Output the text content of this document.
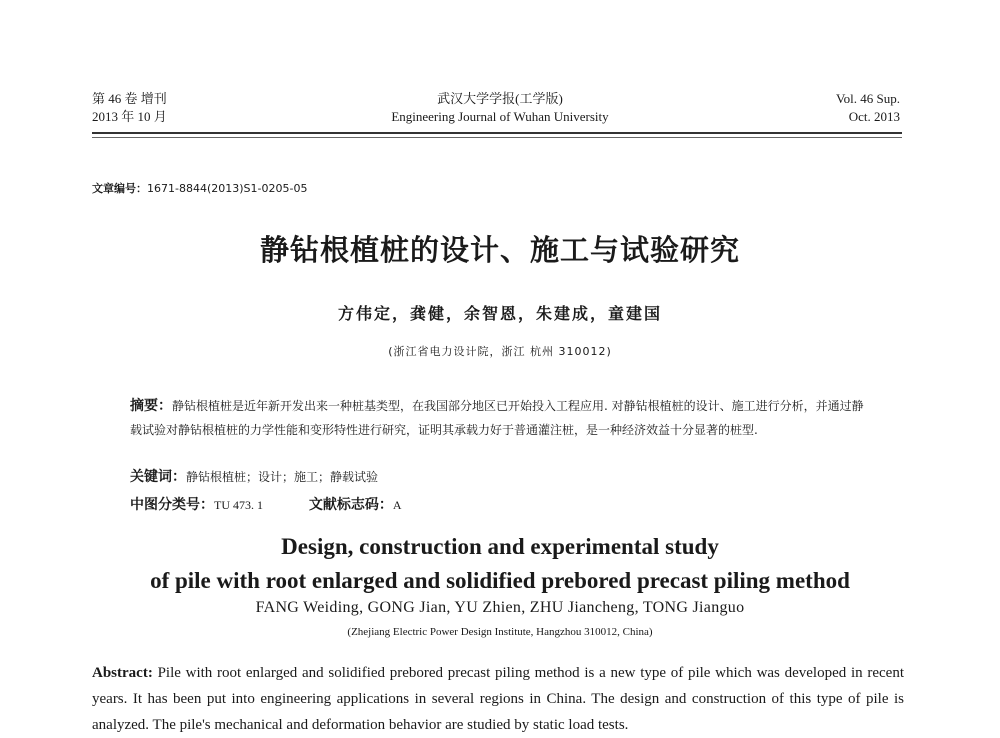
第 46 卷 增刊
2013 年 10 月
武汉大学学报(工学版)
Engineering Journal of Wuhan University
Vol. 46 Sup.
Oct. 2013
文章编号：1671-8844(2013)S1-0205-05
静钻根植桩的设计、施工与试验研究
方伟定，龚健，余智恩，朱建成，童建国
(浙江省电力设计院，浙江 杭州 310012)
摘要：静钻根植桩是近年新开发出来一种桩基类型，在我国部分地区已开始投入工程应用. 对静钻根植桩的设计、施工进行分析，并通过静载试验对静钻根植桩的力学性能和变形特性进行研究，证明其承载力好于普通灌注桩，是一种经济效益十分显著的桩型.
关键词：静钻根植桩；设计；施工；静载试验
中图分类号：TU 473. 1	文献标志码：A
Design, construction and experimental study
of pile with root enlarged and solidified prebored precast piling method
FANG Weiding, GONG Jian, YU Zhien, ZHU Jiancheng, TONG Jianguo
(Zhejiang Electric Power Design Institute, Hangzhou 310012, China)
Abstract: Pile with root enlarged and solidified prebored precast piling method is a new type of pile which was developed in recent years. It has been put into engineering applications in several regions in China. The design and construction of this type of pile is analyzed. The pile's mechanical and deformation behavior are studied by static load tests.
